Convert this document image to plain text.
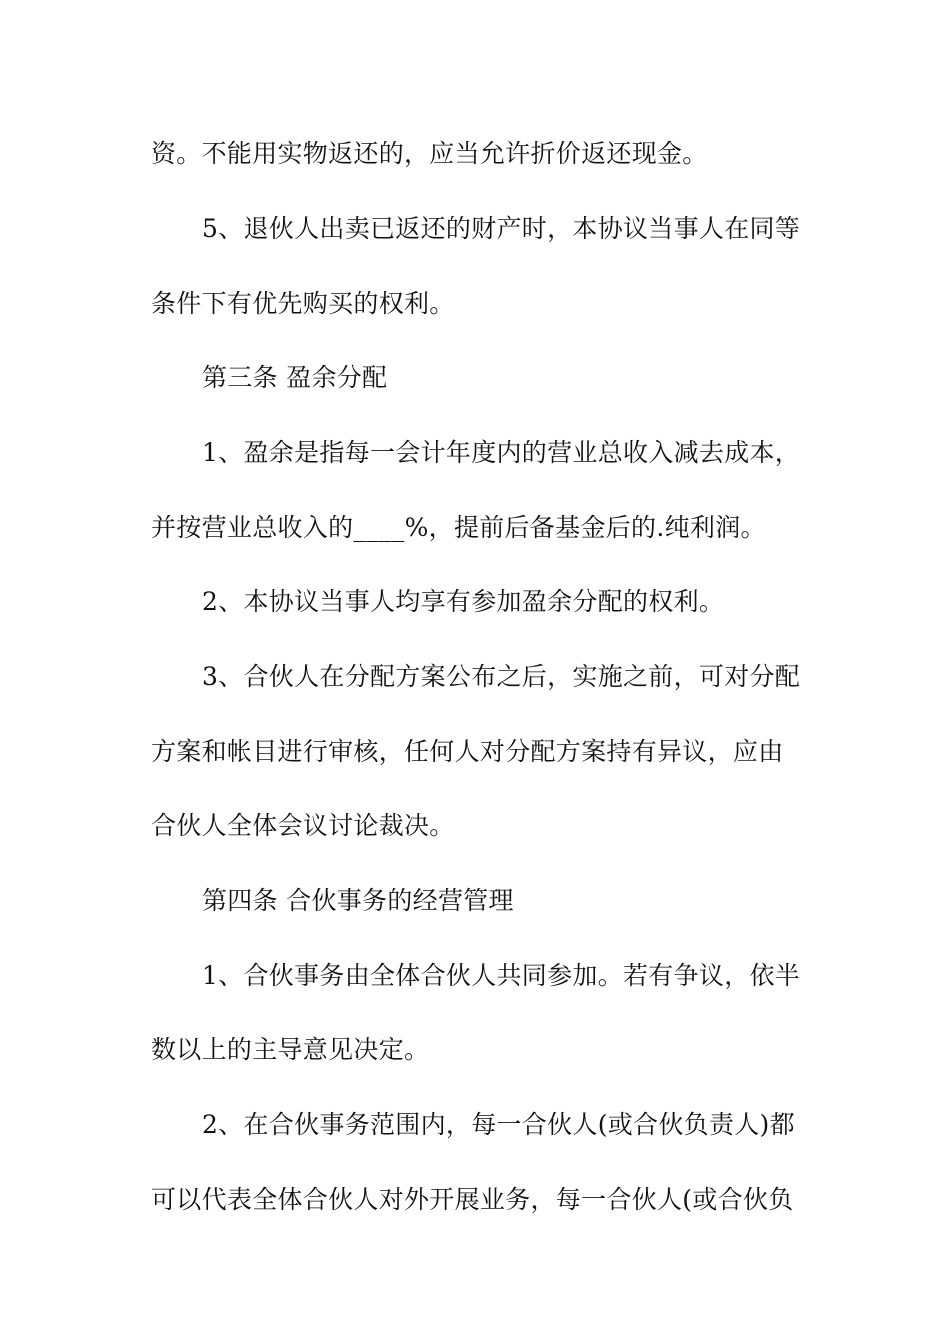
资。不能用实物返还的，应当允许折价返还现金。
5、退伙人出卖已返还的财产时，本协议当事人在同等
条件下有优先购买的权利。
第三条 盈余分配
1、盈余是指每一会计年度内的营业总收入减去成本，
并按营业总收入的____%，提前后备基金后的.纯利润。
2、本协议当事人均享有参加盈余分配的权利。
3、合伙人在分配方案公布之后，实施之前，可对分配
方案和帐目进行审核，任何人对分配方案持有异议，应由
合伙人全体会议讨论裁决。
第四条 合伙事务的经营管理
1、合伙事务由全体合伙人共同参加。若有争议，依半
数以上的主导意见决定。
2、在合伙事务范围内，每一合伙人(或合伙负责人)都
可以代表全体合伙人对外开展业务，每一合伙人(或合伙负
